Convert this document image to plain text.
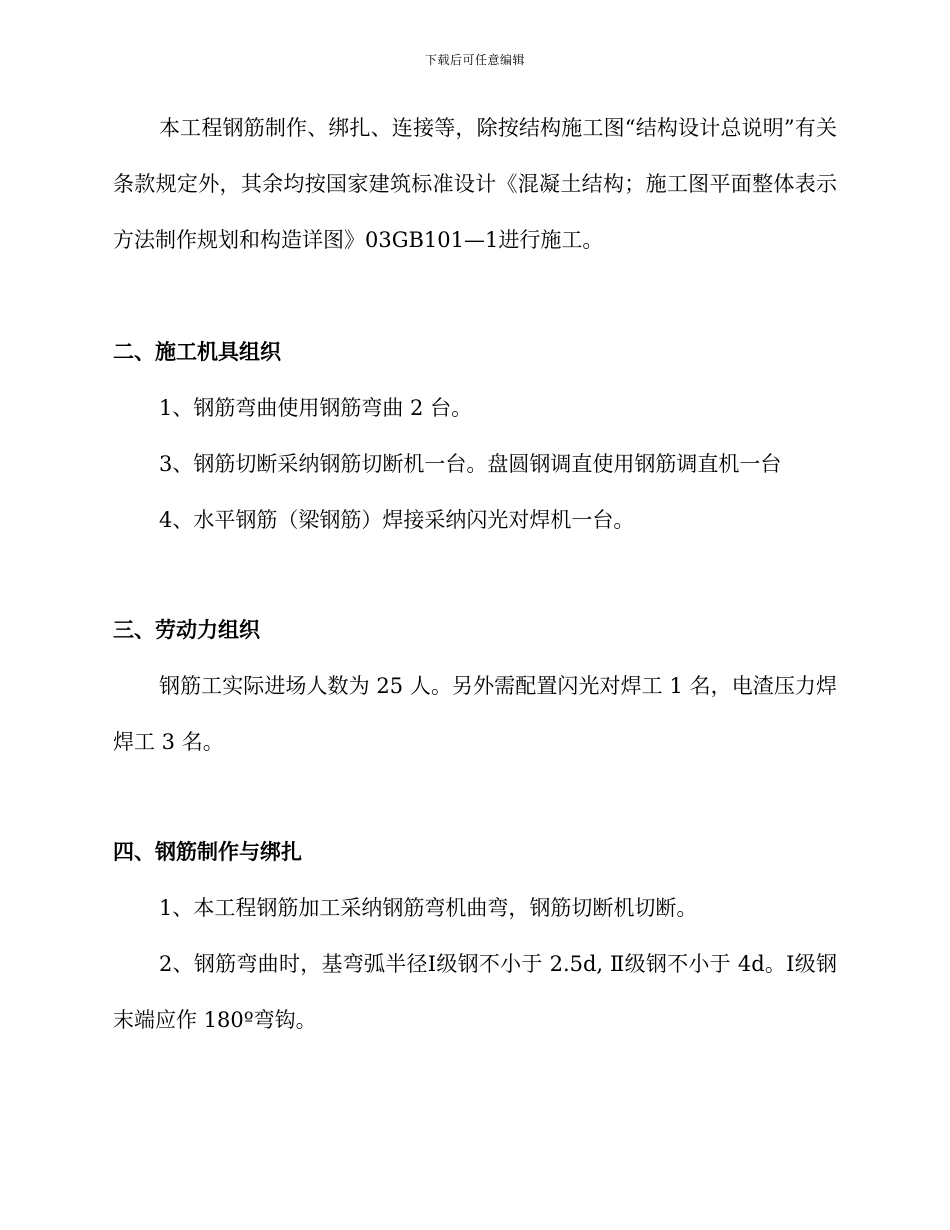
下载后可任意编辑

本工程钢筋制作、绑扎、连接等，除按结构施工图“结构设计总说明”有关条款规定外，其余均按国家建筑标准设计《混凝土结构；施工图平面整体表示方法制作规划和构造详图》03GB101—1进行施工。

二、施工机具组织

1、钢筋弯曲使用钢筋弯曲 2 台。

3、钢筋切断采纳钢筋切断机一台。盘圆钢调直使用钢筋调直机一台

4、水平钢筋（梁钢筋）焊接采纳闪光对焊机一台。

三、劳动力组织

钢筋工实际进场人数为 25 人。另外需配置闪光对焊工 1 名，电渣压力焊焊工 3 名。

四、钢筋制作与绑扎

1、本工程钢筋加工采纳钢筋弯机曲弯，钢筋切断机切断。

2、钢筋弯曲时，基弯弧半径Ⅰ级钢不小于 2.5d, Ⅱ级钢不小于 4d。Ⅰ级钢末端应作 180º弯钩。
